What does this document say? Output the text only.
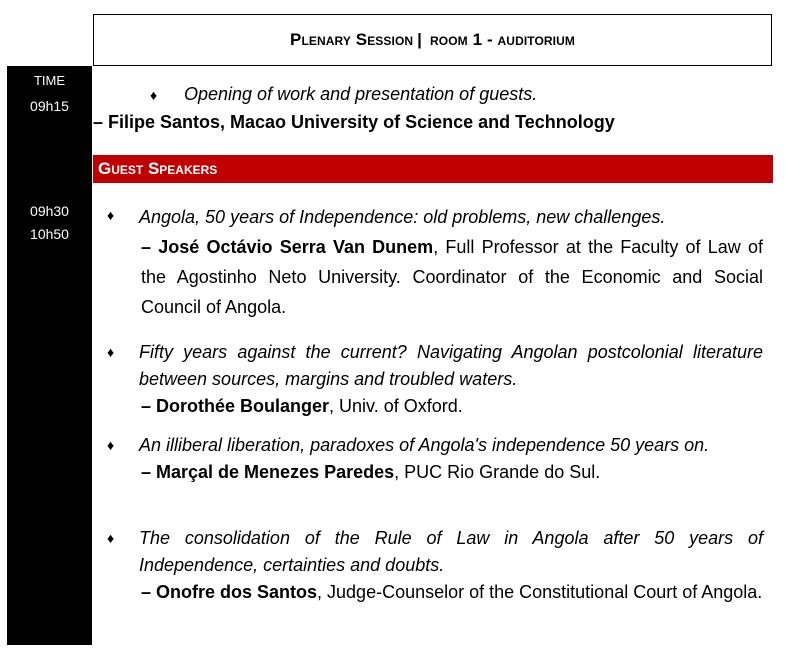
Plenary Session | room 1 - auditorium
TIME
09h15
09h30
10h50
♦ Opening of work and presentation of guests.
– Filipe Santos, Macao University of Science and Technology
Guest Speakers
♦ Angola, 50 years of Independence: old problems, new challenges.
– José Octávio Serra Van Dunem, Full Professor at the Faculty of Law of the Agostinho Neto University. Coordinator of the Economic and Social Council of Angola.
♦ Fifty years against the current? Navigating Angolan postcolonial literature between sources, margins and troubled waters.
– Dorothée Boulanger, Univ. of Oxford.
♦ An illiberal liberation, paradoxes of Angola's independence 50 years on.
– Marçal de Menezes Paredes, PUC Rio Grande do Sul.
♦ The consolidation of the Rule of Law in Angola after 50 years of Independence, certainties and doubts.
– Onofre dos Santos, Judge-Counselor of the Constitutional Court of Angola.
